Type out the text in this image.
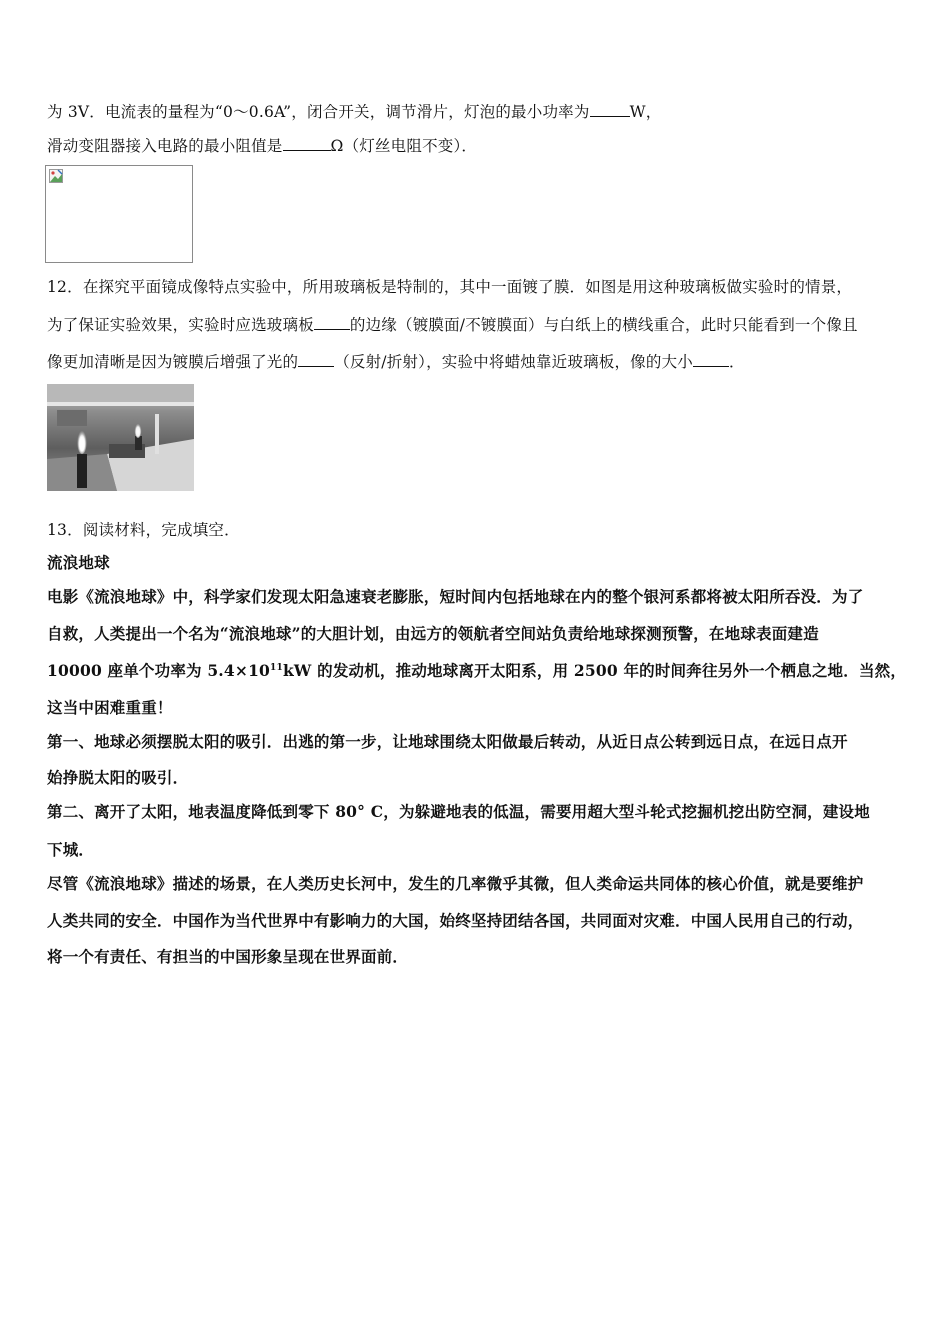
为 3V．电流表的量程为“0～0.6A”，闭合开关，调节滑片，灯泡的最小功率为	W，
滑动变阻器接入电路的最小阻值是	Ω（灯丝电阻不变）．
12．在探究平面镜成像特点实验中，所用玻璃板是特制的，其中一面镀了膜．如图是用这种玻璃板做实验时的情景，
为了保证实验效果，实验时应选玻璃板 的边缘（镀膜面/不镀膜面）与白纸上的横线重合，此时只能看到一个像且
像更加清晰是因为镀膜后增强了光的 （反射/折射），实验中将蜡烛靠近玻璃板，像的大小 ．
13．阅读材料，完成填空．
流浪地球
电影《流浪地球》中，科学家们发现太阳急速衰老膨胀，短时间内包括地球在内的整个银河系都将被太阳所吞没．为了
自救，人类提出一个名为“流浪地球”的大胆计划，由远方的领航者空间站负责给地球探测预警，在地球表面建造
10000 座单个功率为 $5.4\times 10^{11}kW$ 的发动机，推动地球离开太阳系，用 2500 年的时间奔往另外一个栖息之地．当然，
这当中困难重重！
第一、地球必须摆脱太阳的吸引．出逃的第一步，让地球围绕太阳做最后转动，从近日点公转到远日点，在远日点开
始挣脱太阳的吸引．
第二、离开了太阳，地表温度降低到零下 80° C，为躲避地表的低温，需要用超大型斗轮式挖掘机挖出防空洞，建设地
下城．
尽管《流浪地球》描述的场景，在人类历史长河中，发生的几率微乎其微，但人类命运共同体的核心价值，就是要维护
人类共同的安全．中国作为当代世界中有影响力的大国，始终坚持团结各国，共同面对灾难．中国人民用自己的行动，
将一个有责任、有担当的中国形象呈现在世界面前．
